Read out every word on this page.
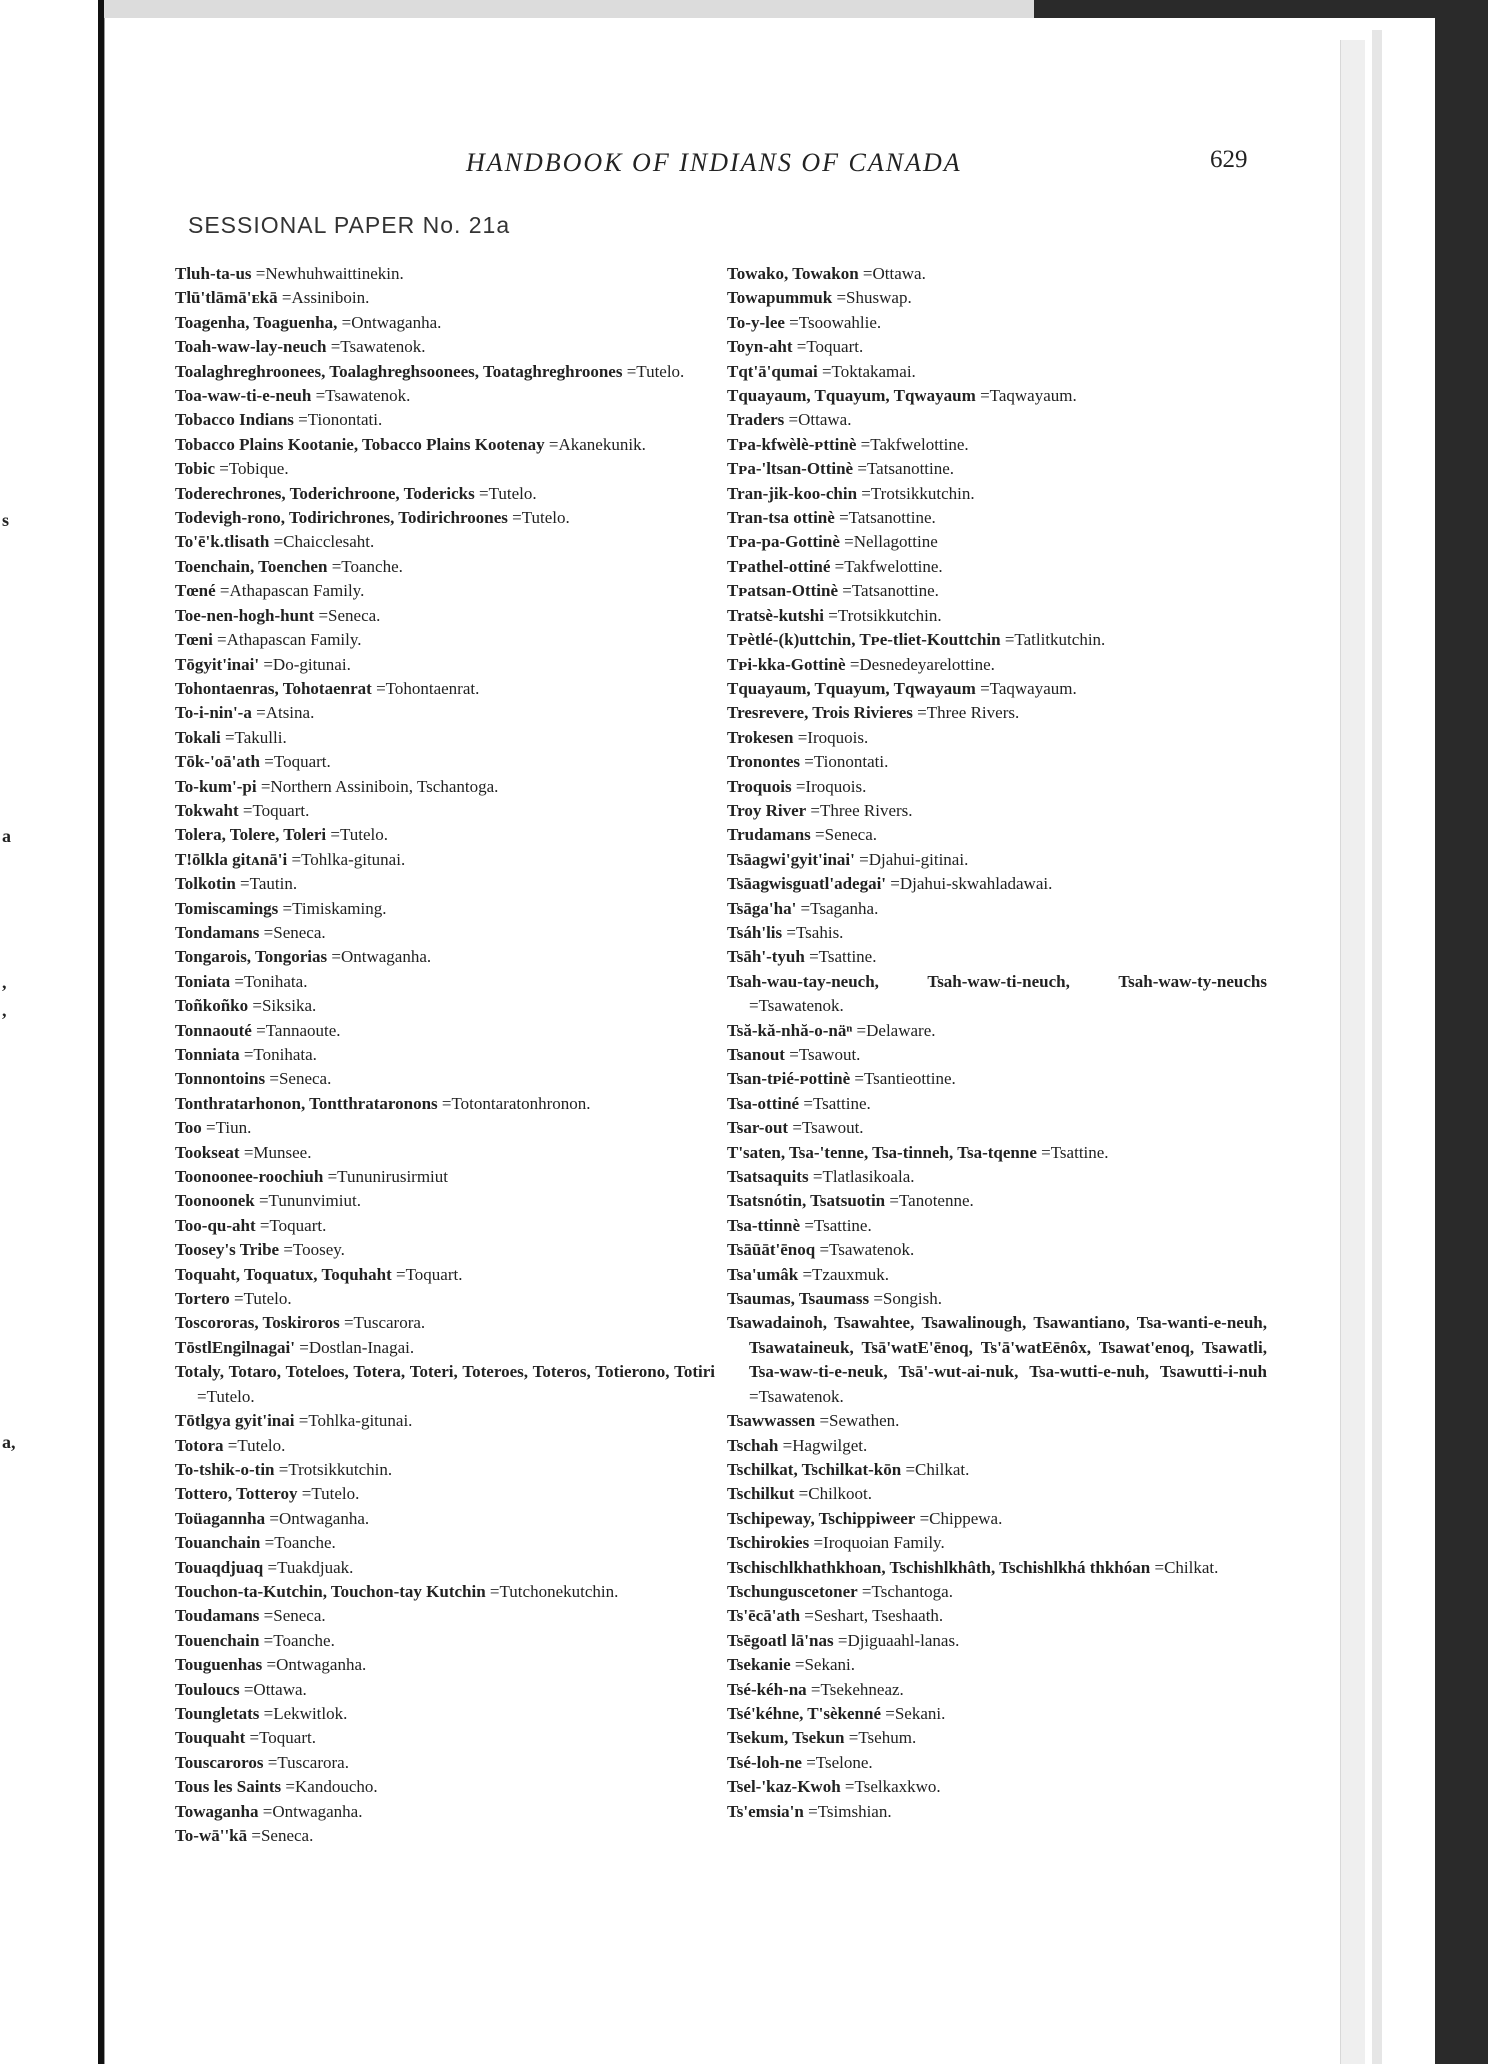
s
a
,
,
a,
HANDBOOK OF INDIANS OF CANADA	629
SESSIONAL PAPER No. 21a
Tluh-ta-us =Newhuhwaittinekin.
Tlū'tlāmā'ᴇkā =Assiniboin.
Toagenha, Toaguenha, =Ontwaganha.
Toah-waw-lay-neuch =Tsawatenok.
Toalaghreghroonees, Toalaghreghsoonees, Toataghreghroones =Tutelo.
Toa-waw-ti-e-neuh =Tsawatenok.
Tobacco Indians =Tionontati.
Tobacco Plains Kootanie, Tobacco Plains Kootenay =Akanekunik.
Tobic =Tobique.
Toderechrones, Toderichroone, Todericks =Tutelo.
Todevigh-rono, Todirichrones, Todirichroones =Tutelo.
To'ē'k.tlisath =Chaicclesaht.
Toenchain, Toenchen =Toanche.
Tœné =Athapascan Family.
Toe-nen-hogh-hunt =Seneca.
Tœni =Athapascan Family.
Tōgyit'inai' =Do-gitunai.
Tohontaenras, Tohotaenrat =Tohontaenrat.
To-i-nin'-a =Atsina.
Tokali =Takulli.
Tōk-'oā'ath =Toquart.
To-kum'-pi =Northern Assiniboin, Tschantoga.
Tokwaht =Toquart.
Tolera, Tolere, Toleri =Tutelo.
T!ōlkla gitᴀnā'i =Tohlka-gitunai.
Tolkotin =Tautin.
Tomiscamings =Timiskaming.
Tondamans =Seneca.
Tongarois, Tongorias =Ontwaganha.
Toniata =Tonihata.
Toñkoñko =Siksika.
Tonnaouté =Tannaoute.
Tonniata =Tonihata.
Tonnontoins =Seneca.
Tonthratarhonon, Tontthrataronons =Totontaratonhronon.
Too =Tiun.
Tookseat =Munsee.
Toonoonee-roochiuh =Tununirusirmiut
Toonoonek =Tununvimiut.
Too-qu-aht =Toquart.
Toosey's Tribe =Toosey.
Toquaht, Toquatux, Toquhaht =Toquart.
Tortero =Tutelo.
Toscororas, Toskiroros =Tuscarora.
TōstlEngilnagai' =Dostlan-Inagai.
Totaly, Totaro, Toteloes, Totera, Toteri, Toteroes, Toteros, Totierono, Totiri =Tutelo.
Tōtlgya gyit'inai =Tohlka-gitunai.
Totora =Tutelo.
To-tshik-o-tin =Trotsikkutchin.
Tottero, Totteroy =Tutelo.
Toüagannha =Ontwaganha.
Touanchain =Toanche.
Touaqdjuaq =Tuakdjuak.
Touchon-ta-Kutchin, Touchon-tay Kutchin =Tutchonekutchin.
Toudamans =Seneca.
Touenchain =Toanche.
Touguenhas =Ontwaganha.
Touloucs =Ottawa.
Toungletats =Lekwitlok.
Touquaht =Toquart.
Touscaroros =Tuscarora.
Tous les Saints =Kandoucho.
Towaganha =Ontwaganha.
To-wā''kā =Seneca.
Towako, Towakon =Ottawa.
Towapummuk =Shuswap.
To-y-lee =Tsoowahlie.
Toyn-aht =Toquart.
Tqt'ā'qumai =Toktakamai.
Tquayaum, Tquayum, Tqwayaum =Taqwayaum.
Traders =Ottawa.
Tᴘa-kfwèlè-ᴘttinè =Takfwelottine.
Tᴘa-'ltsan-Ottinè =Tatsanottine.
Tran-jik-koo-chin =Trotsikkutchin.
Tran-tsa ottinè =Tatsanottine.
Tᴘa-pa-Gottinè =Nellagottine
Tᴘathel-ottiné =Takfwelottine.
Tᴘatsan-Ottinè =Tatsanottine.
Tratsè-kutshi =Trotsikkutchin.
Tᴘètlé-(k)uttchin, Tᴘe-tliet-Kouttchin =Tatlitkutchin.
Tᴘi-kka-Gottinè =Desnedeyarelottine.
Tquayaum, Tquayum, Tqwayaum =Taqwayaum.
Tresrevere, Trois Rivieres =Three Rivers.
Trokesen =Iroquois.
Tronontes =Tionontati.
Troquois =Iroquois.
Troy River =Three Rivers.
Trudamans =Seneca.
Tsāagwi'gyit'inai' =Djahui-gitinai.
Tsāagwisguatl'adegai' =Djahui-skwahladawai.
Tsāga'ha' =Tsaganha.
Tsáh'lis =Tsahis.
Tsāh'-tyuh =Tsattine.
Tsah-wau-tay-neuch, Tsah-waw-ti-neuch, Tsah-waw-ty-neuchs =Tsawatenok.
Tsă-kă-nhă-o-näⁿ =Delaware.
Tsanout =Tsawout.
Tsan-tᴘié-ᴘottinè =Tsantieottine.
Tsa-ottiné =Tsattine.
Tsar-out =Tsawout.
T'saten, Tsa-'tenne, Tsa-tinneh, Tsa-tqenne =Tsattine.
Tsatsaquits =Tlatlasikoala.
Tsatsnótin, Tsatsuotin =Tanotenne.
Tsa-ttinnè =Tsattine.
Tsāūāt'ēnoq =Tsawatenok.
Tsa'umâk =Tzauxmuk.
Tsaumas, Tsaumass =Songish.
Tsawadainoh, Tsawahtee, Tsawalinough, Tsawantiano, Tsa-wanti-e-neuh, Tsawataineuk, Tsā'watE'ēnoq, Ts'ā'watEēnôx, Tsawat'enoq, Tsawatli, Tsa-waw-ti-e-neuk, Tsā'-wut-ai-nuk, Tsa-wutti-e-nuh, Tsawutti-i-nuh =Tsawatenok.
Tsawwassen =Sewathen.
Tschah =Hagwilget.
Tschilkat, Tschilkat-kōn =Chilkat.
Tschilkut =Chilkoot.
Tschipeway, Tschippiweer =Chippewa.
Tschirokies =Iroquoian Family.
Tschischlkhathkhoan, Tschishlkhâth, Tschishlkhá thkhóan =Chilkat.
Tschunguscetoner =Tschantoga.
Ts'ēcā'ath =Seshart, Tseshaath.
Tsēgoatl lā'nas =Djiguaahl-lanas.
Tsekanie =Sekani.
Tsé-kéh-na =Tsekehneaz.
Tsé'kéhne, T'sèkenné =Sekani.
Tsekum, Tsekun =Tsehum.
Tsé-loh-ne =Tselone.
Tsel-'kaz-Kwoh =Tselkaxkwo.
Ts'emsia'n =Tsimshian.
